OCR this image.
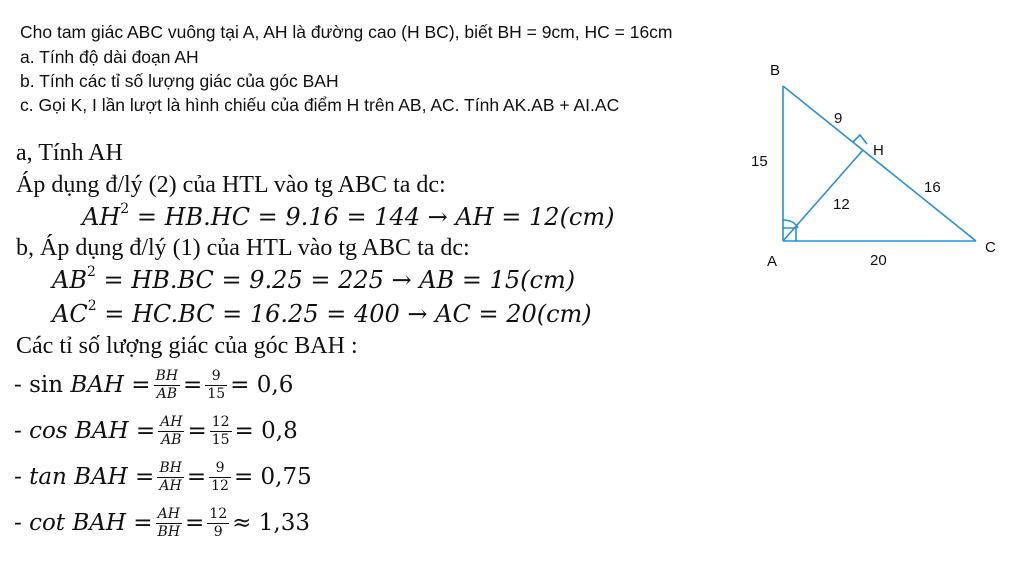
Cho tam giác ABC vuông tại A, AH là đường cao (H BC), biết BH = 9cm, HC = 16cm
a. Tính độ dài đoạn AH
b. Tính các tỉ số lượng giác của góc BAH
c. Gọi K, I lần lượt là hình chiếu của điểm H trên AB, AC. Tính AK.AB + AI.AC
a, Tính AH
Áp dụng đ/lý (2) của HTL vào tg ABC ta dc:
$AH^2 = HB.HC = 9.16 = 144$ → AH = 12(cm)
b, Áp dụng đ/lý (1) của HTL vào tg ABC ta dc:
$AB^2 = HB.BC = 9.25 = 225$ → AB = 15(cm)
$AC^2 = HC.BC = 16.25 = 400$ → AC = 20(cm)
Các tỉ số lượng giác của góc BAH :
- sin
BAH = $\frac{BH}{AB} = \frac{9}{15}$ =
0,6
- cos
BAH = $\frac{AH}{AB} = \frac{12}{15}$ =
0,8
- tan
BAH = $\frac{BH}{AH} = \frac{9}{12}$ =
0,75
- cot
BAH = $\frac{AH}{BH} = \frac{12}{9}$ ≈
1,33
B
A
C
H
9
16
15
12
20
